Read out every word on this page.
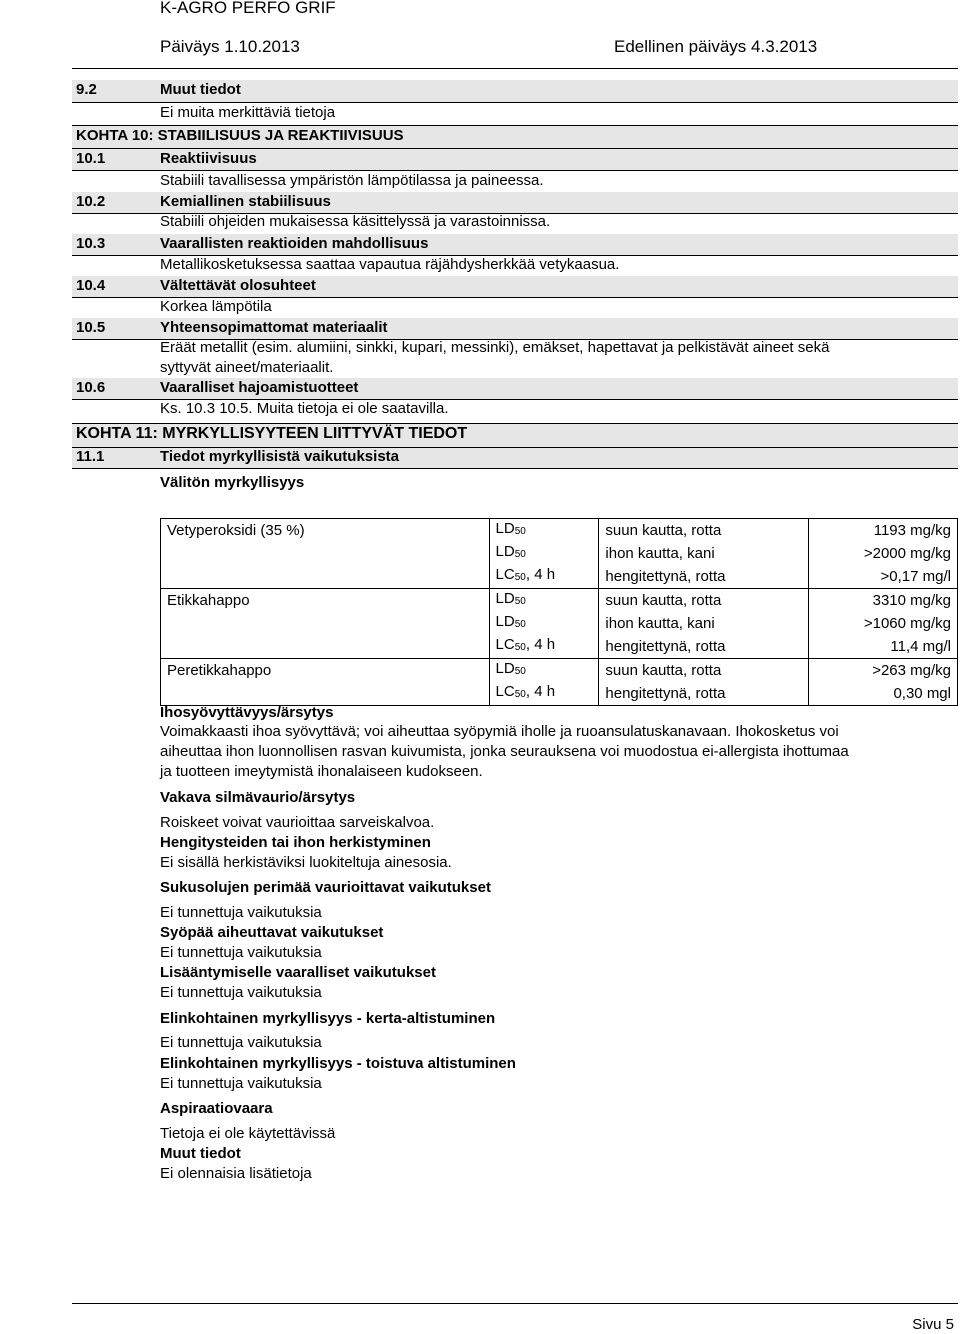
K-AGRO PERFO GRIF
Päiväys 1.10.2013	Edellinen päiväys 4.3.2013
9.2	Muut tiedot
Ei muita merkittäviä tietoja
KOHTA 10: STABIILISUUS JA REAKTIIVISUUS
10.1	Reaktiivisuus
Stabiili tavallisessa ympäristön lämpötilassa ja paineessa.
10.2	Kemiallinen stabiilisuus
Stabiili ohjeiden mukaisessa käsittelyssä ja varastoinnissa.
10.3	Vaarallisten reaktioiden mahdollisuus
Metallikosketuksessa saattaa vapautua räjähdysherkkää vetykaasua.
10.4	Vältettävät olosuhteet
Korkea lämpötila
10.5	Yhteensopimattomat materiaalit
Eräät metallit (esim. alumiini, sinkki, kupari, messinki), emäkset, hapettavat ja pelkistävät aineet sekä
syttyvät aineet/materiaalit.
10.6	Vaaralliset hajoamistuotteet
Ks. 10.3 10.5. Muita tietoja ei ole saatavilla.
KOHTA 11: MYRKYLLISYYTEEN LIITTYVÄT TIEDOT
11.1	Tiedot myrkyllisistä vaikutuksista
Välitön myrkyllisyys
Vetyperoksidi (35 %)	$LD_{50}$	suun kautta, rotta	1193 mg/kg
	$LD_{50}$	ihon kautta, kani	>2000 mg/kg
	$LC_{50}$, 4 h	hengitettynä, rotta	>0,17 mg/l
Etikkahappo	$LD_{50}$	suun kautta, rotta	3310 mg/kg
	$LD_{50}$	ihon kautta, kani	>1060 mg/kg
	$LC_{50}$, 4 h	hengitettynä, rotta	11,4 mg/l
Peretikkahappo	$LD_{50}$	suun kautta, rotta	>263 mg/kg
	$LC_{50}$, 4 h	hengitettynä, rotta	0,30 mgl
Ihosyövyttävyys/ärsytys
Voimakkaasti ihoa syövyttävä; voi aiheuttaa syöpymiä iholle ja ruoansulatuskanavaan. Ihokosketus voi
aiheuttaa ihon luonnollisen rasvan kuivumista, jonka seurauksena voi muodostua ei-allergista ihottumaa
ja tuotteen imeytymistä ihonalaiseen kudokseen.
Vakava silmävaurio/ärsytys
Roiskeet voivat vaurioittaa sarveiskalvoa.
Hengitysteiden tai ihon herkistyminen
Ei sisällä herkistäviksi luokiteltuja ainesosia.
Sukusolujen perimää vaurioittavat vaikutukset
Ei tunnettuja vaikutuksia
Syöpää aiheuttavat vaikutukset
Ei tunnettuja vaikutuksia
Lisääntymiselle vaaralliset vaikutukset
Ei tunnettuja vaikutuksia
Elinkohtainen myrkyllisyys - kerta-altistuminen
Ei tunnettuja vaikutuksia
Elinkohtainen myrkyllisyys - toistuva altistuminen
Ei tunnettuja vaikutuksia
Aspiraatiovaara
Tietoja ei ole käytettävissä
Muut tiedot
Ei olennaisia lisätietoja
Sivu 5
